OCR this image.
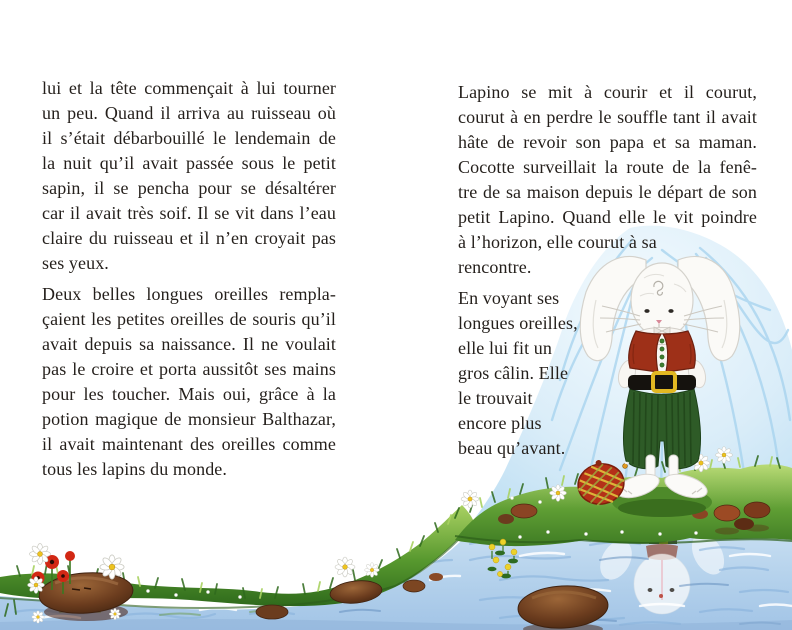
lui et la tête commençait à lui tourner
un peu. Quand il arriva au ruisseau où
il s’était débarbouillé le lendemain de
la nuit qu’il avait passée sous le petit
sapin, il se pencha pour se désaltérer
car il avait très soif. Il se vit dans l’eau
claire du ruisseau et il n’en croyait pas
ses yeux.
Deux belles longues oreilles rempla-
çaient les petites oreilles de souris qu’il
avait depuis sa naissance. Il ne voulait
pas le croire et porta aussitôt ses mains
pour les toucher. Mais oui, grâce à la
potion magique de monsieur Balthazar,
il avait maintenant des oreilles comme
tous les lapins du monde.
Lapino se mit à courir et il courut,
courut à en perdre le souffle tant il avait
hâte de revoir son papa et sa maman.
Cocotte surveillait la route de la fenê-
tre de sa maison depuis le départ de son
petit Lapino. Quand elle le vit poindre
à l’horizon, elle courut à sa
rencontre.
En voyant ses
longues oreilles,
elle lui fit un
gros câlin. Elle
le trouvait
encore plus
beau qu’avant.
